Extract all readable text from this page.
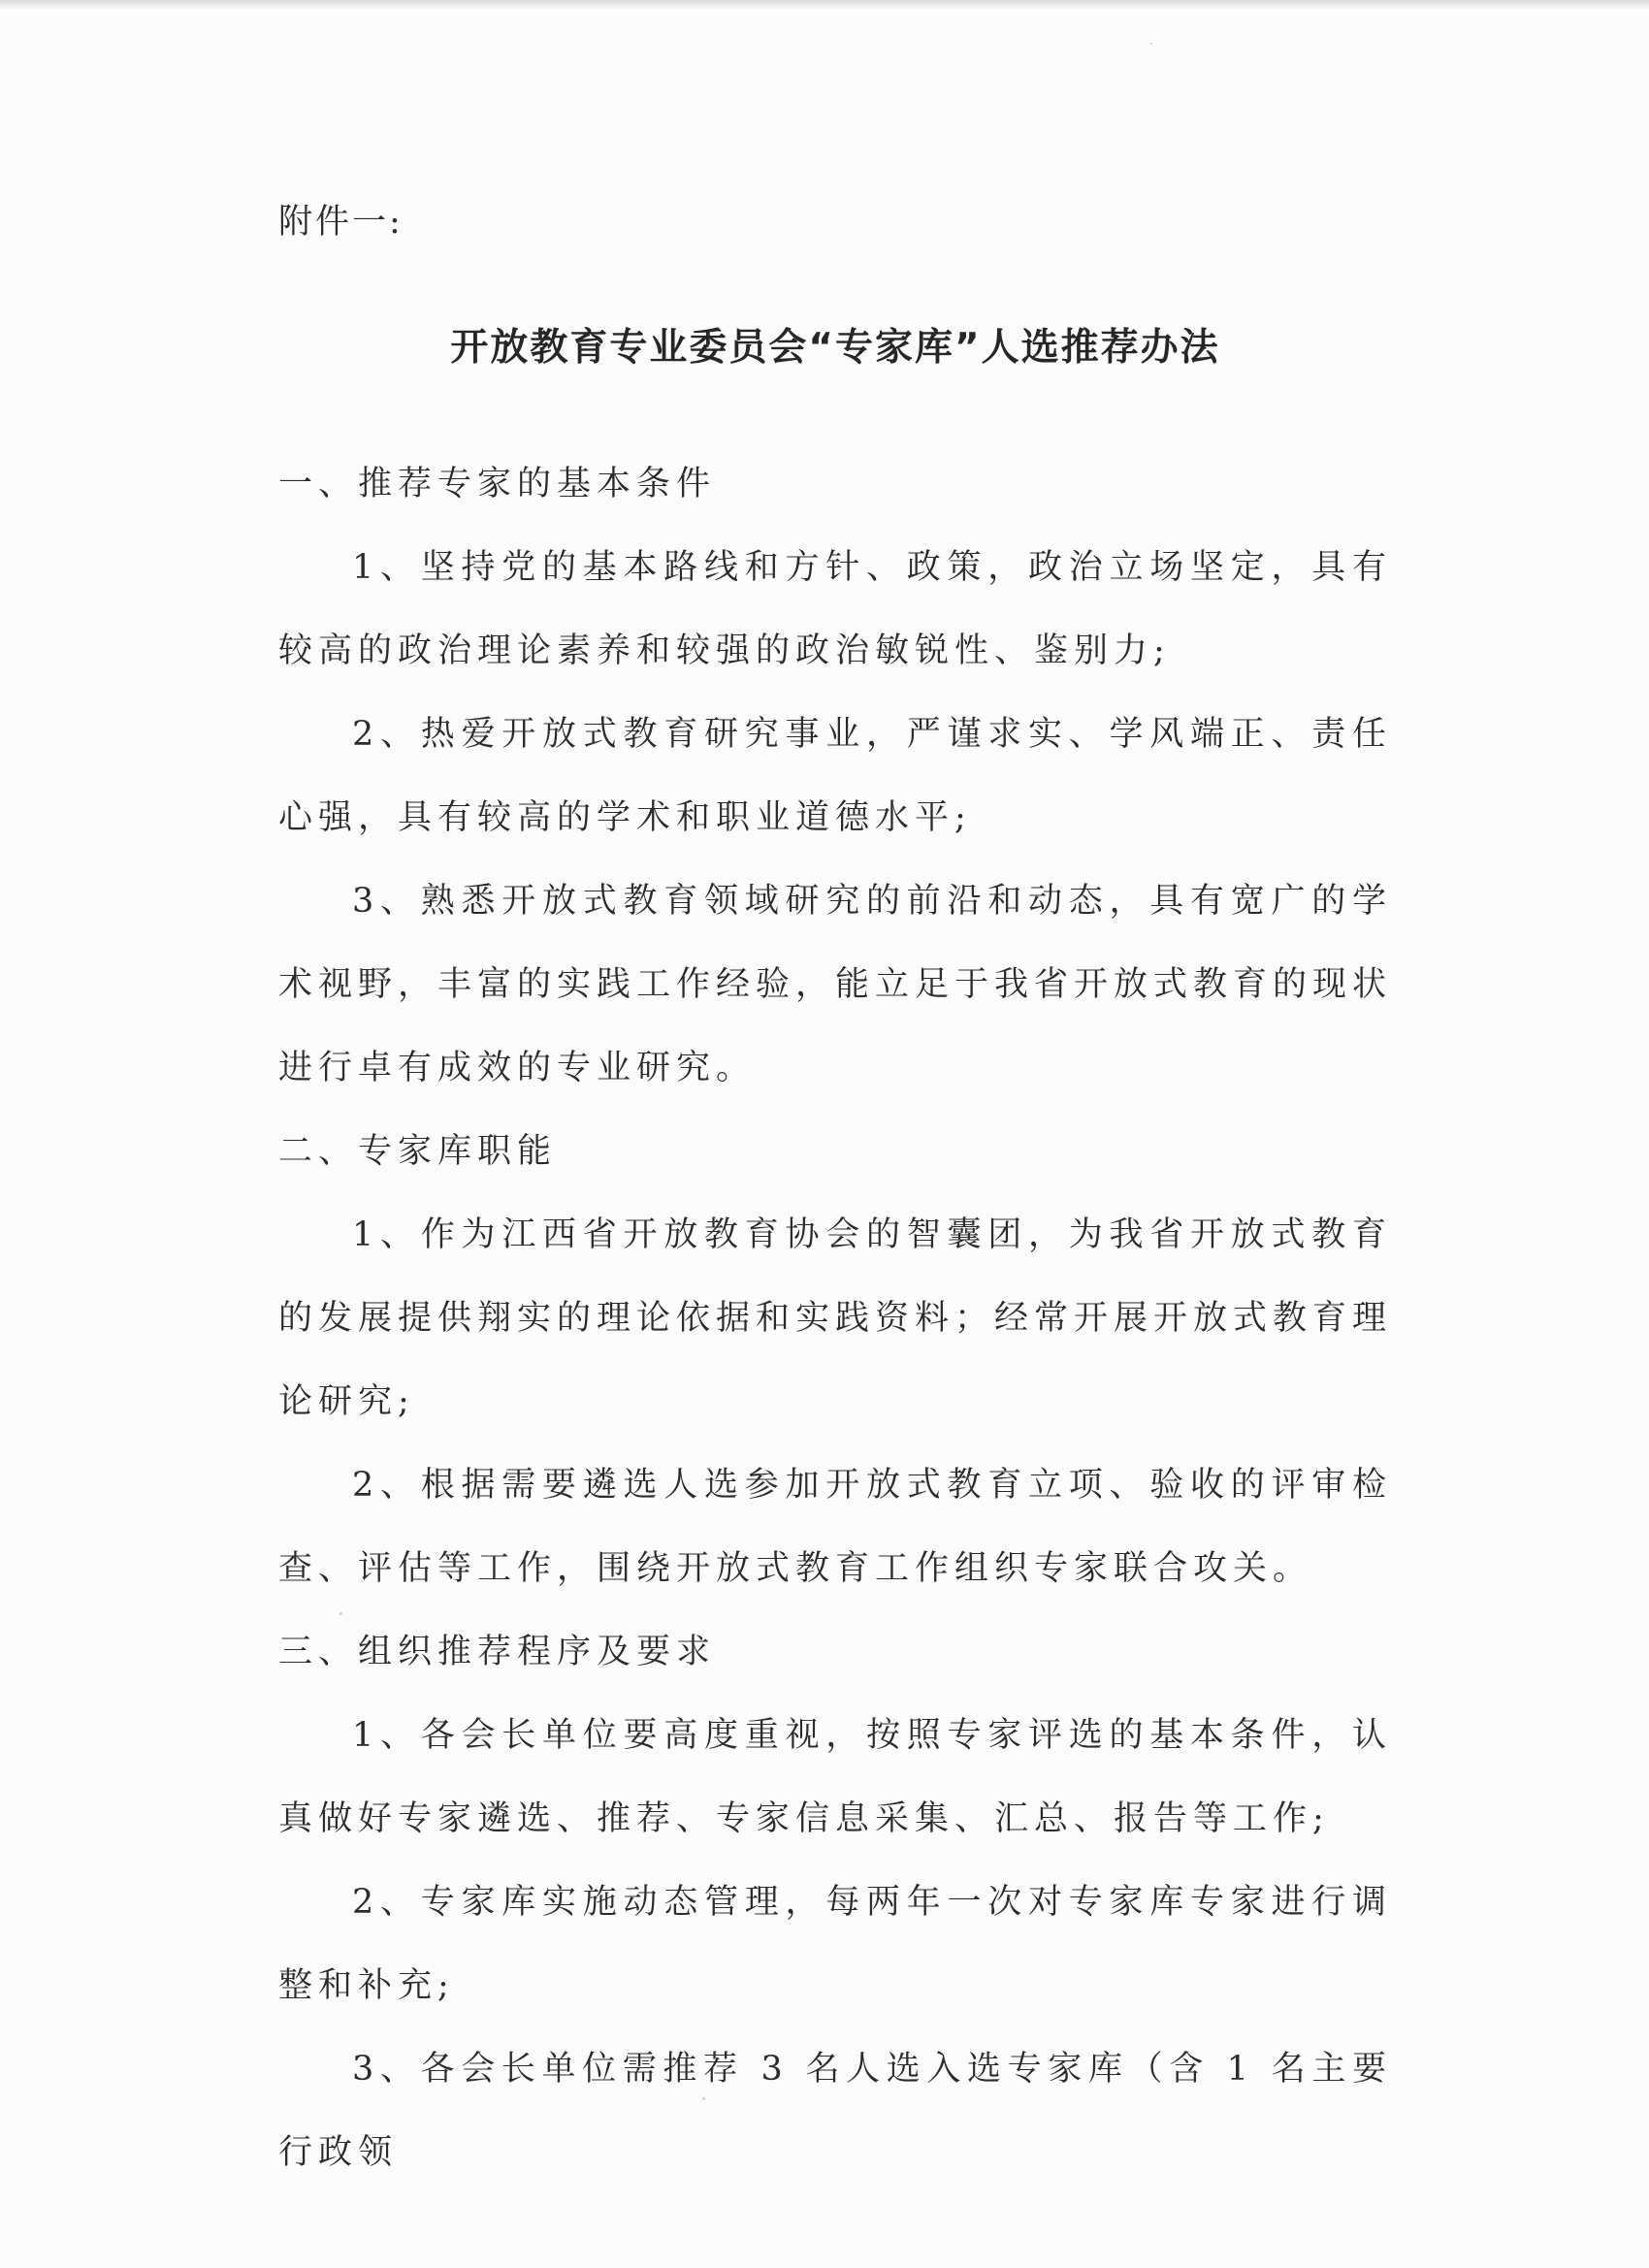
附件一:
开放教育专业委员会“专家库”人选推荐办法

一、推荐专家的基本条件

1、坚持党的基本路线和方针、政策，政治立场坚定，具有较高的政治理论素养和较强的政治敏锐性、鉴别力;

2、热爱开放式教育研究事业，严谨求实、学风端正、责任心强，具有较高的学术和职业道德水平;

3、熟悉开放式教育领域研究的前沿和动态，具有宽广的学术视野，丰富的实践工作经验，能立足于我省开放式教育的现状进行卓有成效的专业研究。

二、专家库职能

1、作为江西省开放教育协会的智囊团，为我省开放式教育的发展提供翔实的理论依据和实践资料；经常开展开放式教育理论研究;

2、根据需要遴选人选参加开放式教育立项、验收的评审检查、评估等工作，围绕开放式教育工作组织专家联合攻关。

三、组织推荐程序及要求

1、各会长单位要高度重视，按照专家评选的基本条件，认真做好专家遴选、推荐、专家信息采集、汇总、报告等工作;

2、专家库实施动态管理，每两年一次对专家库专家进行调整和补充;

3、各会长单位需推荐 3 名人选入选专家库（含 1 名主要行政领
